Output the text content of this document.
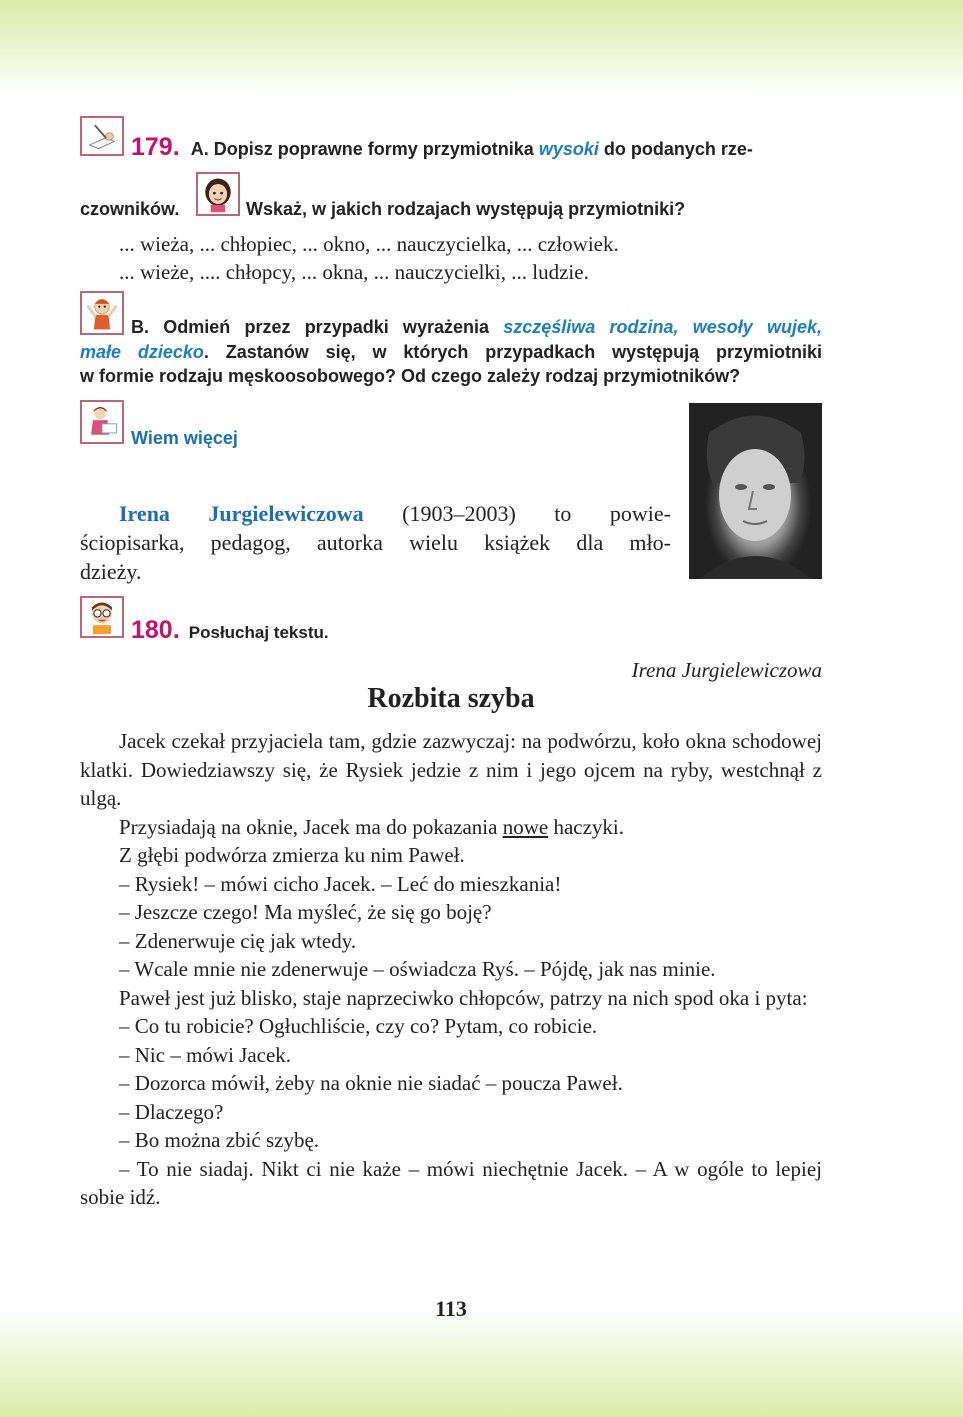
179. A. Dopisz poprawne formy przymiotnika wysoki do podanych rze-
czowników.	Wskaż, w jakich rodzajach występują przymiotniki?
... wieża, ... chłopiec, ... okno, ... nauczycielka, ... człowiek.
... wieże, .... chłopcy, ... okna, ... nauczycielki, ... ludzie.
B. Odmień przez przypadki wyrażenia szczęśliwa rodzina, wesoły wujek,
małe dziecko. Zastanów się, w których przypadkach występują przymiotniki
w formie rodzaju męskoosobowego? Od czego zależy rodzaj przymiotników?
Wiem więcej
Irena Jurgielewiczowa (1903–2003) to powie-
ściopisarka, pedagog, autorka wielu książek dla mło-
dzieży.
180. Posłuchaj tekstu.
Irena Jurgielewiczowa
Rozbita szyba

Jacek czekał przyjaciela tam, gdzie zazwyczaj: na podwórzu, koło okna schodowej klatki. Dowiedziawszy się, że Rysiek jedzie z nim i jego ojcem na ryby, westchnął z ulgą.

Przysiadają na oknie, Jacek ma do pokazania nowe haczyki.

Z głębi podwórza zmierza ku nim Paweł.

– Rysiek! – mówi cicho Jacek. – Leć do mieszkania!

– Jeszcze czego! Ma myśleć, że się go boję?

– Zdenerwuje cię jak wtedy.

– Wcale mnie nie zdenerwuje – oświadcza Ryś. – Pójdę, jak nas minie.

Paweł jest już blisko, staje naprzeciwko chłopców, patrzy na nich spod oka i pyta:

– Co tu robicie? Ogłuchliście, czy co? Pytam, co robicie.

– Nic – mówi Jacek.

– Dozorca mówił, żeby na oknie nie siadać – poucza Paweł.

– Dlaczego?

– Bo można zbić szybę.

– To nie siadaj. Nikt ci nie każe – mówi niechętnie Jacek. – A w ogóle to lepiej sobie idź.

113
